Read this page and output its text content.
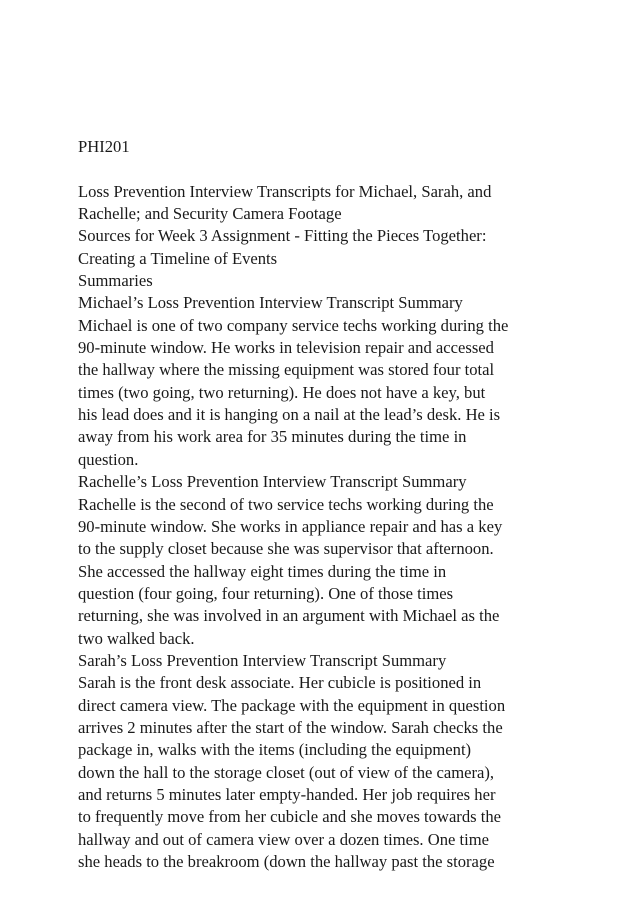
PHI201
Loss Prevention Interview Transcripts for Michael, Sarah, and
Rachelle; and Security Camera Footage
Sources for Week 3 Assignment - Fitting the Pieces Together:
Creating a Timeline of Events
Summaries
Michael’s Loss Prevention Interview Transcript Summary
Michael is one of two company service techs working during the
90-minute window. He works in television repair and accessed
the hallway where the missing equipment was stored four total
times (two going, two returning). He does not have a key, but
his lead does and it is hanging on a nail at the lead’s desk. He is
away from his work area for 35 minutes during the time in
question.
Rachelle’s Loss Prevention Interview Transcript Summary
Rachelle is the second of two service techs working during the
90-minute window. She works in appliance repair and has a key
to the supply closet because she was supervisor that afternoon.
She accessed the hallway eight times during the time in
question (four going, four returning). One of those times
returning, she was involved in an argument with Michael as the
two walked back.
Sarah’s Loss Prevention Interview Transcript Summary
Sarah is the front desk associate. Her cubicle is positioned in
direct camera view. The package with the equipment in question
arrives 2 minutes after the start of the window. Sarah checks the
package in, walks with the items (including the equipment)
down the hall to the storage closet (out of view of the camera),
and returns 5 minutes later empty-handed. Her job requires her
to frequently move from her cubicle and she moves towards the
hallway and out of camera view over a dozen times. One time
she heads to the breakroom (down the hallway past the storage
